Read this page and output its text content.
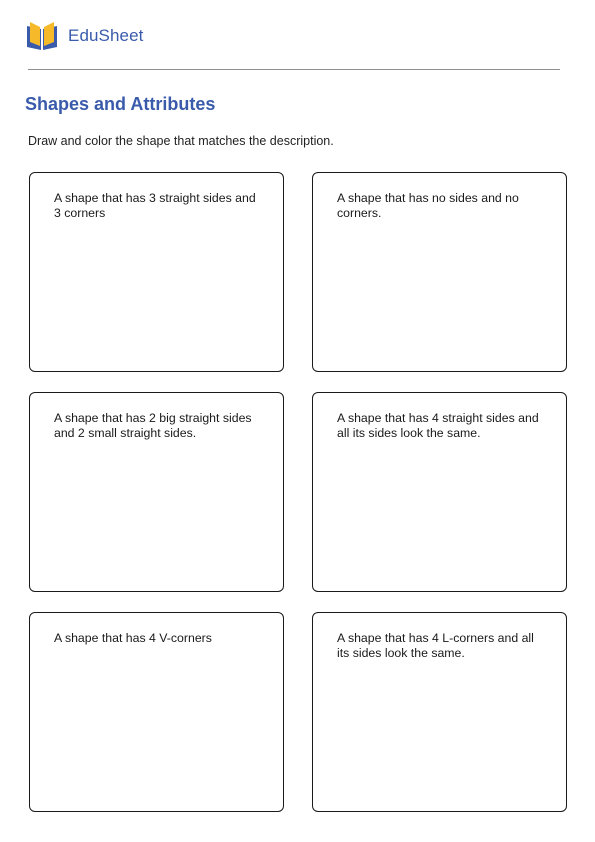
EduSheet
Shapes and Attributes
Draw and color the shape that matches the description.
A shape that has 3 straight sides and 3 corners
A shape that has no sides and no corners.
A shape that has 2 big straight sides and 2 small straight sides.
A shape that has 4 straight sides and all its sides look the same.
A shape that has 4 V-corners	A shape that has 4 L-corners and all its sides look the same.
